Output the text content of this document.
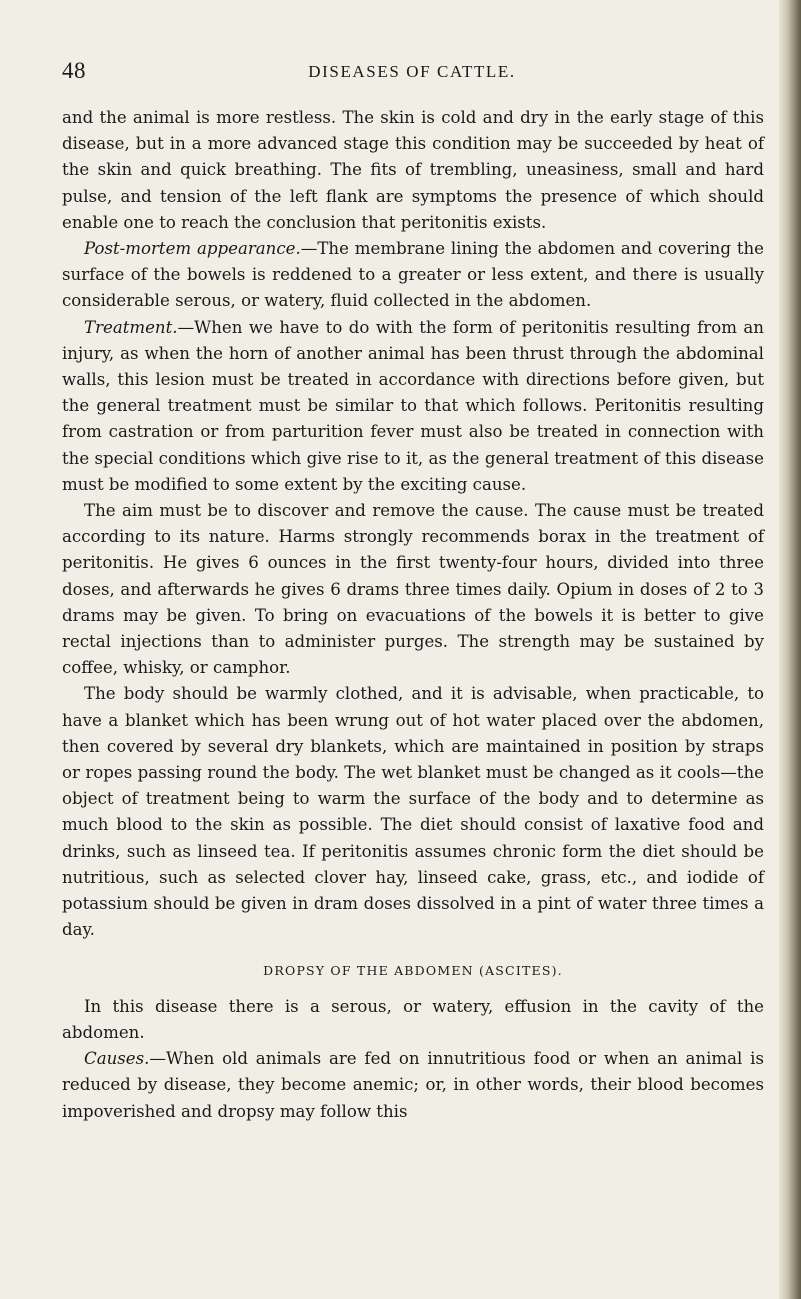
48	DISEASES OF CATTLE.

and the animal is more restless. The skin is cold and dry in the early stage of this disease, but in a more advanced stage this condition may be succeeded by heat of the skin and quick breathing. The fits of trembling, uneasiness, small and hard pulse, and tension of the left flank are symptoms the presence of which should enable one to reach the conclusion that peritonitis exists.

Post-mortem appearance.—The membrane lining the abdomen and covering the surface of the bowels is reddened to a greater or less extent, and there is usually considerable serous, or watery, fluid collected in the abdomen.

Treatment.—When we have to do with the form of peritonitis resulting from an injury, as when the horn of another animal has been thrust through the abdominal walls, this lesion must be treated in accordance with directions before given, but the general treatment must be similar to that which follows. Peritonitis resulting from castration or from parturition fever must also be treated in connection with the special conditions which give rise to it, as the general treatment of this disease must be modified to some extent by the exciting cause.

The aim must be to discover and remove the cause. The cause must be treated according to its nature. Harms strongly recommends borax in the treatment of peritonitis. He gives 6 ounces in the first twenty-four hours, divided into three doses, and afterwards he gives 6 drams three times daily. Opium in doses of 2 to 3 drams may be given. To bring on evacuations of the bowels it is better to give rectal injections than to administer purges. The strength may be sustained by coffee, whisky, or camphor.

The body should be warmly clothed, and it is advisable, when practicable, to have a blanket which has been wrung out of hot water placed over the abdomen, then covered by several dry blankets, which are maintained in position by straps or ropes passing round the body. The wet blanket must be changed as it cools—the object of treatment being to warm the surface of the body and to determine as much blood to the skin as possible. The diet should consist of laxative food and drinks, such as linseed tea. If peritonitis assumes chronic form the diet should be nutritious, such as selected clover hay, linseed cake, grass, etc., and iodide of potassium should be given in dram doses dissolved in a pint of water three times a day.

DROPSY OF THE ABDOMEN (ASCITES).

In this disease there is a serous, or watery, effusion in the cavity of the abdomen.

Causes.—When old animals are fed on innutritious food or when an animal is reduced by disease, they become anemic; or, in other words, their blood becomes impoverished and dropsy may follow this
